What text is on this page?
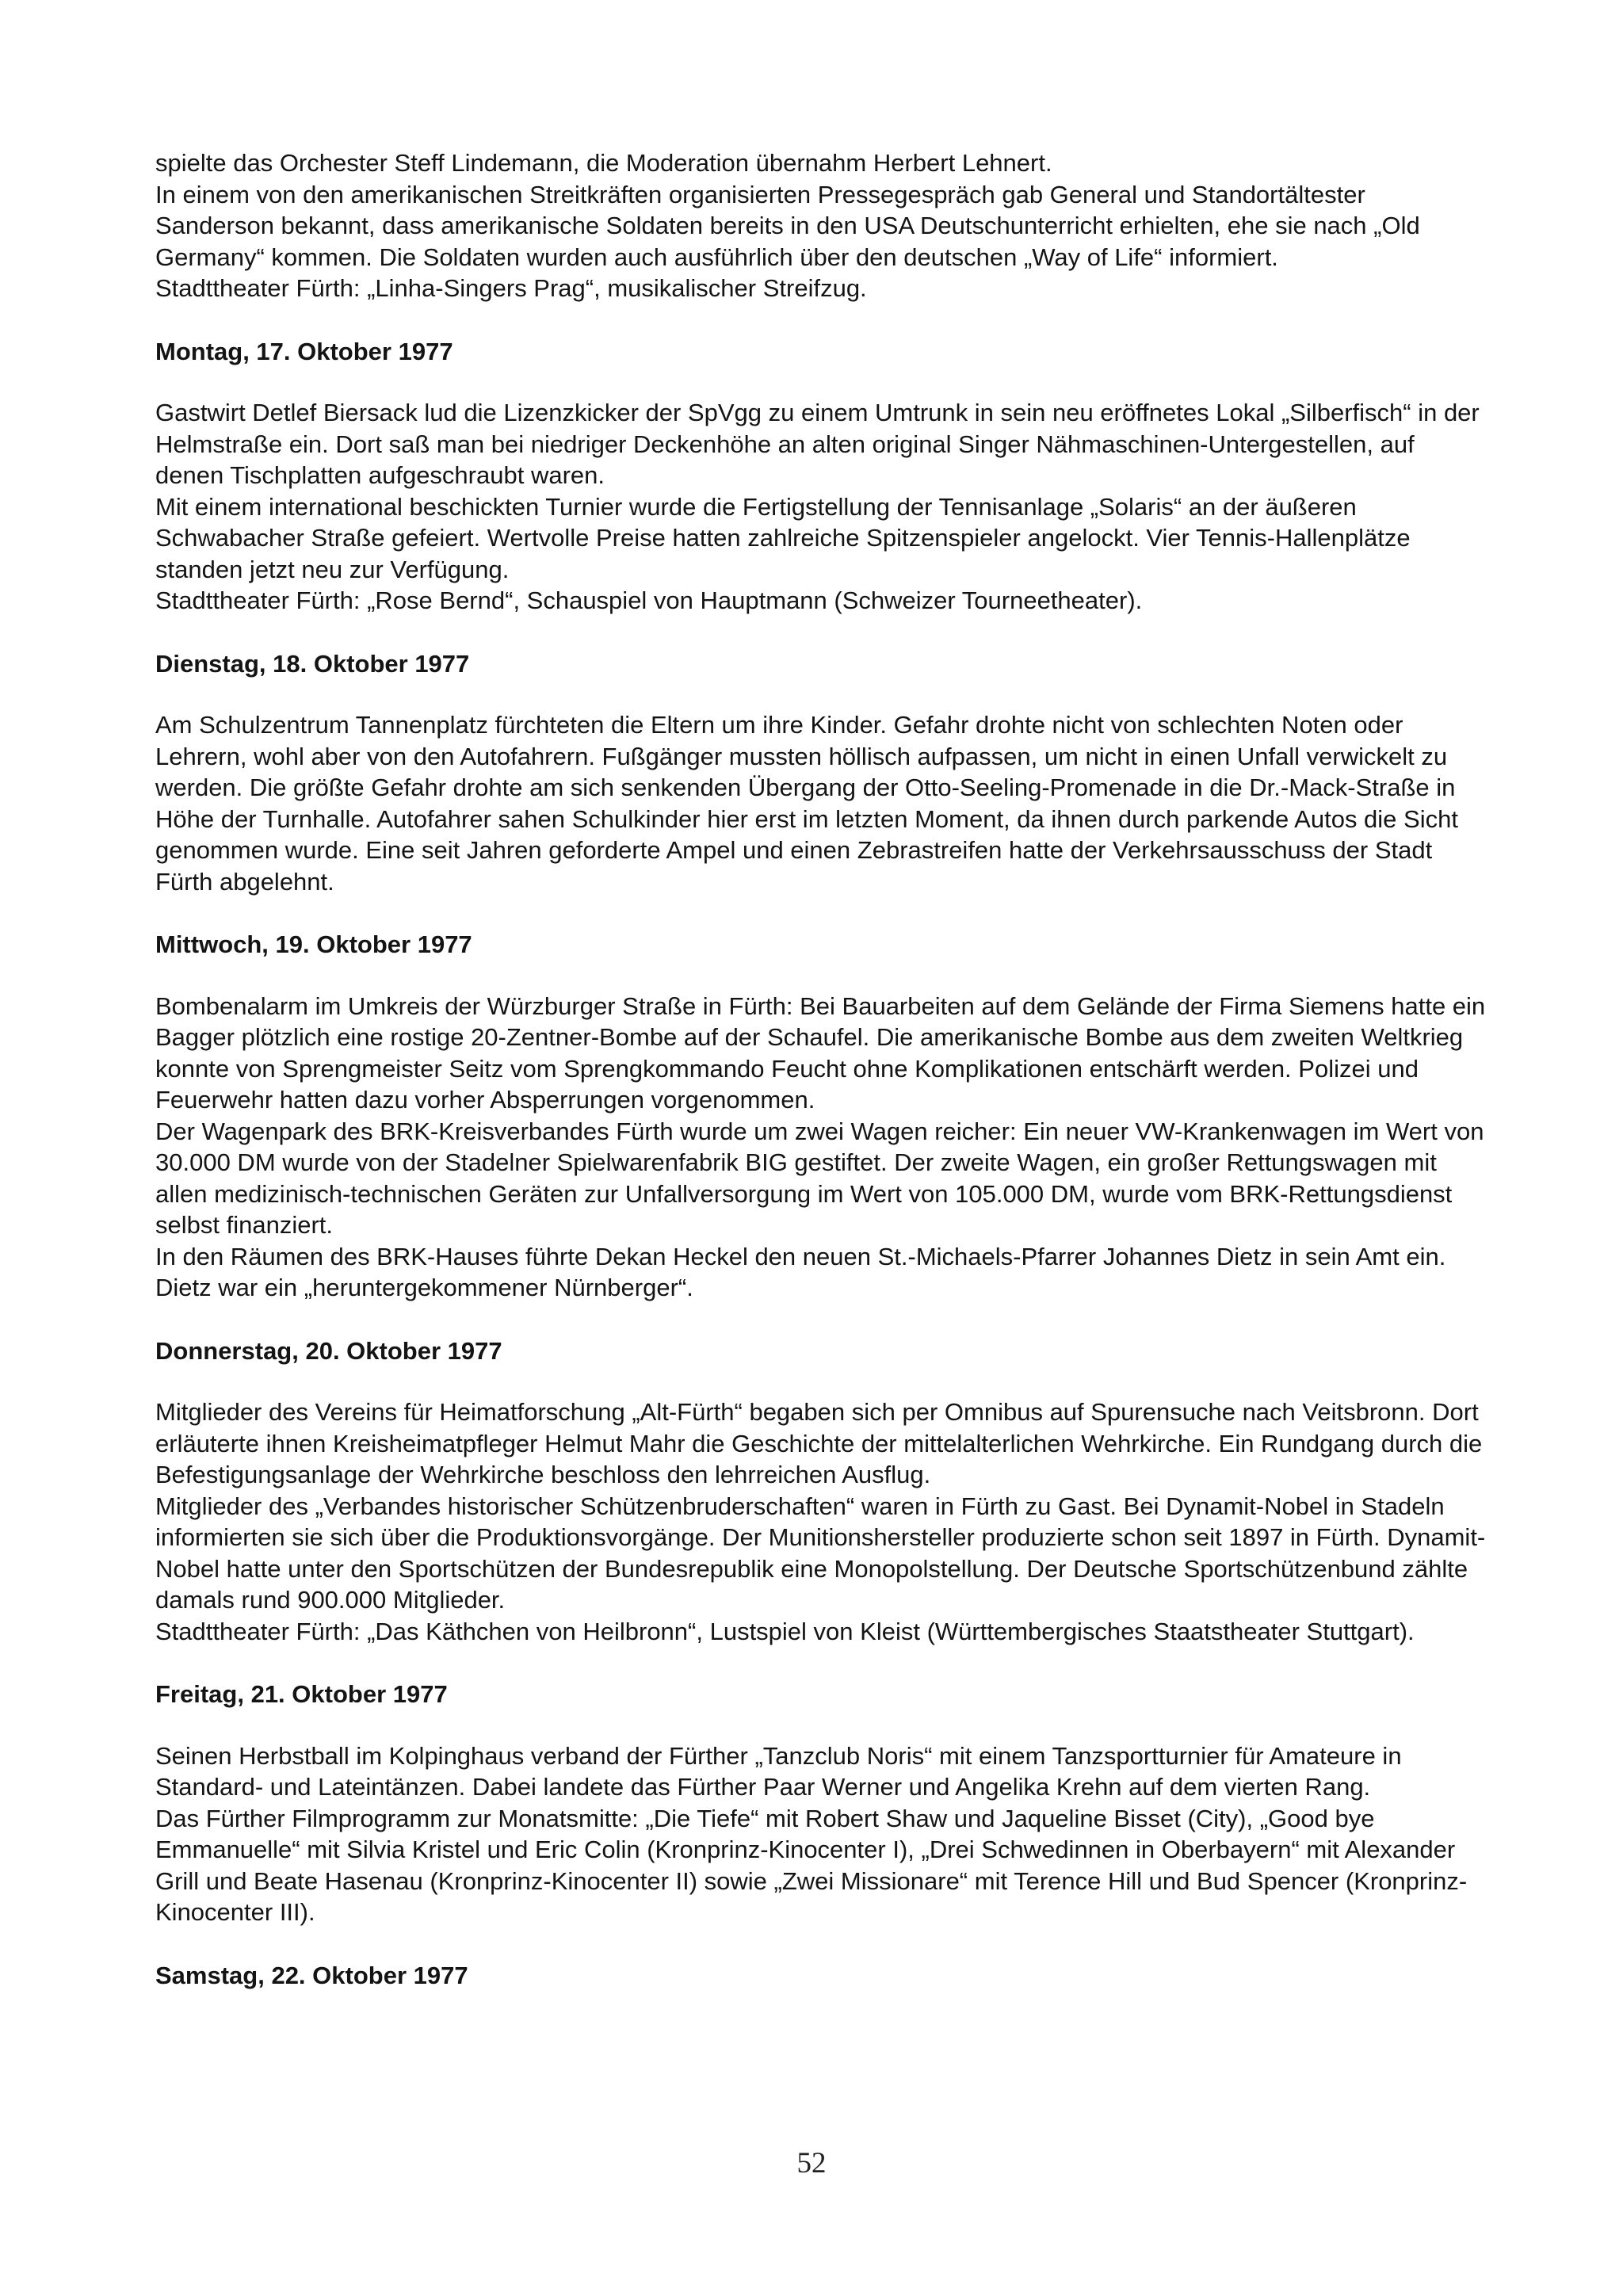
spielte das Orchester Steff Lindemann, die Moderation übernahm Herbert Lehnert.

In einem von den amerikanischen Streitkräften organisierten Pressegespräch gab General und Standortältester Sanderson bekannt, dass amerikanische Soldaten bereits in den USA Deutschunterricht erhielten, ehe sie nach „Old Germany“ kommen. Die Soldaten wurden auch ausführlich über den deutschen „Way of Life“ informiert.

Stadttheater Fürth: „Linha-Singers Prag“, musikalischer Streifzug.

Montag, 17. Oktober 1977

Gastwirt Detlef Biersack lud die Lizenzkicker der SpVgg zu einem Umtrunk in sein neu eröffnetes Lokal „Silberfisch“ in der Helmstraße ein. Dort saß man bei niedriger Deckenhöhe an alten original Singer Nähmaschinen-Untergestellen, auf denen Tischplatten aufgeschraubt waren.

Mit einem international beschickten Turnier wurde die Fertigstellung der Tennisanlage „Solaris“ an der äußeren Schwabacher Straße gefeiert. Wertvolle Preise hatten zahlreiche Spitzenspieler angelockt. Vier Tennis-Hallenplätze standen jetzt neu zur Verfügung.

Stadttheater Fürth: „Rose Bernd“, Schauspiel von Hauptmann (Schweizer Tourneetheater).

Dienstag, 18. Oktober 1977

Am Schulzentrum Tannenplatz fürchteten die Eltern um ihre Kinder. Gefahr drohte nicht von schlechten Noten oder Lehrern, wohl aber von den Autofahrern. Fußgänger mussten höllisch aufpassen, um nicht in einen Unfall verwickelt zu werden. Die größte Gefahr drohte am sich senkenden Übergang der Otto-Seeling-Promenade in die Dr.-Mack-Straße in Höhe der Turnhalle. Autofahrer sahen Schulkinder hier erst im letzten Moment, da ihnen durch parkende Autos die Sicht genommen wurde. Eine seit Jahren geforderte Ampel und einen Zebrastreifen hatte der Verkehrsausschuss der Stadt Fürth abgelehnt.

Mittwoch, 19. Oktober 1977

Bombenalarm im Umkreis der Würzburger Straße in Fürth: Bei Bauarbeiten auf dem Gelände der Firma Siemens hatte ein Bagger plötzlich eine rostige 20-Zentner-Bombe auf der Schaufel. Die amerikanische Bombe aus dem zweiten Weltkrieg konnte von Sprengmeister Seitz vom Sprengkommando Feucht ohne Komplikationen entschärft werden. Polizei und Feuerwehr hatten dazu vorher Absperrungen vorgenommen.

Der Wagenpark des BRK-Kreisverbandes Fürth wurde um zwei Wagen reicher: Ein neuer VW-Krankenwagen im Wert von 30.000 DM wurde von der Stadelner Spielwarenfabrik BIG gestiftet. Der zweite Wagen, ein großer Rettungswagen mit allen medizinisch-technischen Geräten zur Unfallversorgung im Wert von 105.000 DM, wurde vom BRK-Rettungsdienst selbst finanziert.

In den Räumen des BRK-Hauses führte Dekan Heckel den neuen St.-Michaels-Pfarrer Johannes Dietz in sein Amt ein. Dietz war ein „heruntergekommener Nürnberger“.

Donnerstag, 20. Oktober 1977

Mitglieder des Vereins für Heimatforschung „Alt-Fürth“ begaben sich per Omnibus auf Spurensuche nach Veitsbronn. Dort erläuterte ihnen Kreisheimatpfleger Helmut Mahr die Geschichte der mittelalterlichen Wehrkirche. Ein Rundgang durch die Befestigungsanlage der Wehrkirche beschloss den lehrreichen Ausflug.

Mitglieder des „Verbandes historischer Schützenbruderschaften“ waren in Fürth zu Gast. Bei Dynamit-Nobel in Stadeln informierten sie sich über die Produktionsvorgänge. Der Munitionshersteller produzierte schon seit 1897 in Fürth. Dynamit-Nobel hatte unter den Sportschützen der Bundesrepublik eine Monopolstellung. Der Deutsche Sportschützenbund zählte damals rund 900.000 Mitglieder.

Stadttheater Fürth: „Das Käthchen von Heilbronn“, Lustspiel von Kleist (Württembergisches Staatstheater Stuttgart).

Freitag, 21. Oktober 1977

Seinen Herbstball im Kolpinghaus verband der Fürther „Tanzclub Noris“ mit einem Tanzsportturnier für Amateure in Standard- und Lateintänzen. Dabei landete das Fürther Paar Werner und Angelika Krehn auf dem vierten Rang.

Das Fürther Filmprogramm zur Monatsmitte: „Die Tiefe“ mit Robert Shaw und Jaqueline Bisset (City), „Good bye Emmanuelle“ mit Silvia Kristel und Eric Colin (Kronprinz-Kinocenter I), „Drei Schwedinnen in Oberbayern“ mit Alexander Grill und Beate Hasenau (Kronprinz-Kinocenter II) sowie „Zwei Missionare“ mit Terence Hill und Bud Spencer (Kronprinz-Kinocenter III).

Samstag, 22. Oktober 1977
52
